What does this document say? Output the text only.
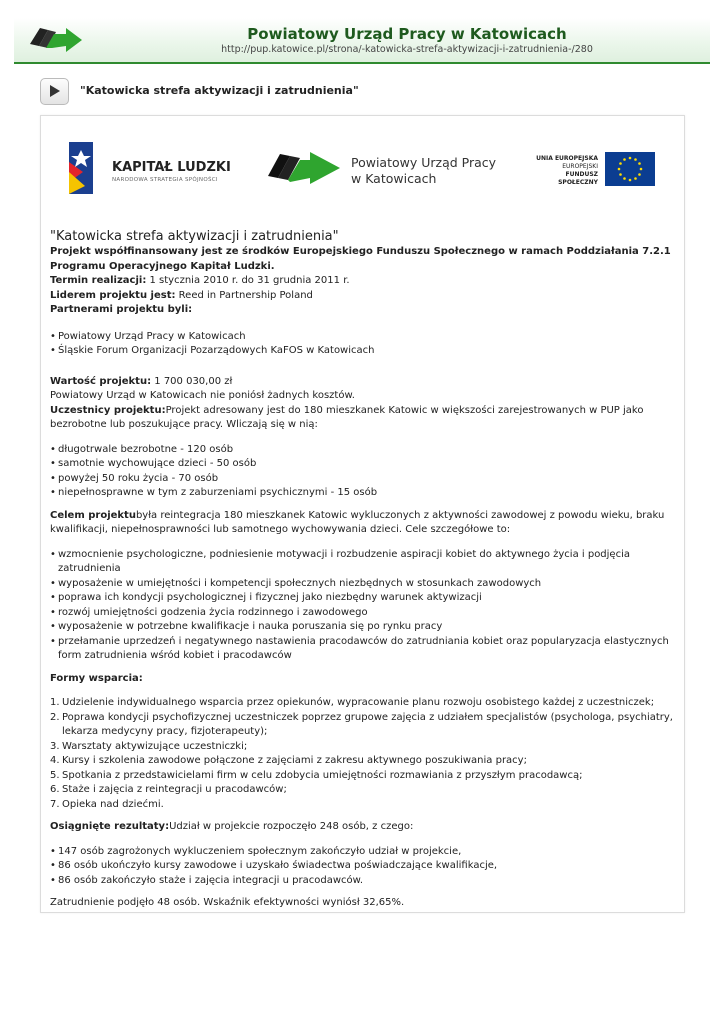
Powiatowy Urząd Pracy w Katowicach
http://pup.katowice.pl/strona/-katowicka-strefa-aktywizacji-i-zatrudnienia-/280
"Katowicka strefa aktywizacji i zatrudnienia"
KAPITAŁ LUDZKI
NARODOWA STRATEGIA SPÓJNOŚCI
Powiatowy Urząd Pracy
w Katowicach
UNIA EUROPEJSKA
EUROPEJSKI
FUNDUSZ SPOŁECZNY

"Katowicka strefa aktywizacji i zatrudnienia"

Projekt współfinansowany jest ze środków Europejskiego Funduszu Społecznego w ramach Poddziałania 7.2.1 Programu Operacyjnego Kapitał Ludzki.

Termin realizacji: 1 stycznia 2010 r. do 31 grudnia 2011 r.

Liderem projektu jest: Reed in Partnership Poland

Partnerami projektu byli:

• Powiatowy Urząd Pracy w Katowicach
• Śląskie Forum Organizacji Pozarządowych KaFOS w Katowicach

Wartość projektu: 1 700 030,00 zł

Powiatowy Urząd w Katowicach nie poniósł żadnych kosztów.

Uczestnicy projektu:Projekt adresowany jest do 180 mieszkanek Katowic w większości zarejestrowanych w PUP jako bezrobotne lub poszukujące pracy. Wliczają się w nią:

• długotrwale bezrobotne - 120 osób
• samotnie wychowujące dzieci - 50 osób
• powyżej 50 roku życia - 70 osób
• niepełnosprawne w tym z zaburzeniami psychicznymi - 15 osób

Celem projektubyła reintegracja 180 mieszkanek Katowic wykluczonych z aktywności zawodowej z powodu wieku, braku kwalifikacji, niepełnosprawności lub samotnego wychowywania dzieci. Cele szczegółowe to:

• wzmocnienie psychologiczne, podniesienie motywacji i rozbudzenie aspiracji kobiet do aktywnego życia i podjęcia zatrudnienia
• wyposażenie w umiejętności i kompetencji społecznych niezbędnych w stosunkach zawodowych
• poprawa ich kondycji psychologicznej i fizycznej jako niezbędny warunek aktywizacji
• rozwój umiejętności godzenia życia rodzinnego i zawodowego
• wyposażenie w potrzebne kwalifikacje i nauka poruszania się po rynku pracy
• przełamanie uprzedzeń i negatywnego nastawienia pracodawców do zatrudniania kobiet oraz popularyzacja elastycznych form zatrudnienia wśród kobiet i pracodawców

Formy wsparcia:

1. Udzielenie indywidualnego wsparcia przez opiekunów, wypracowanie planu rozwoju osobistego każdej z uczestniczek;
2. Poprawa kondycji psychofizycznej uczestniczek poprzez grupowe zajęcia z udziałem specjalistów (psychologa, psychiatry, lekarza medycyny pracy, fizjoterapeuty);
3. Warsztaty aktywizujące uczestniczki;
4. Kursy i szkolenia zawodowe połączone z zajęciami z zakresu aktywnego poszukiwania pracy;
5. Spotkania z przedstawicielami firm w celu zdobycia umiejętności rozmawiania z przyszłym pracodawcą;
6. Staże i zajęcia z reintegracji u pracodawców;
7. Opieka nad dziećmi.

Osiągnięte rezultaty:Udział w projekcie rozpoczęło 248 osób, z czego:

• 147 osób zagrożonych wykluczeniem społecznym zakończyło udział w projekcie,
• 86 osób ukończyło kursy zawodowe i uzyskało świadectwa poświadczające kwalifikacje,
• 86 osób zakończyło staże i zajęcia integracji u pracodawców.

Zatrudnienie podjęło 48 osób. Wskaźnik efektywności wyniósł 32,65%.
